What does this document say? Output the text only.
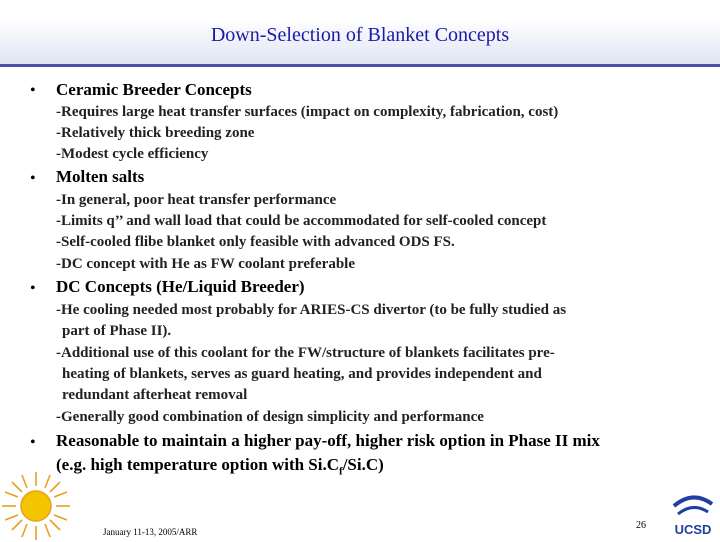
Down-Selection of Blanket Concepts
• Ceramic Breeder Concepts
-Requires large heat transfer surfaces (impact on complexity, fabrication, cost)
-Relatively thick breeding zone
-Modest cycle efficiency
• Molten salts
-In general, poor heat transfer performance
-Limits q’’ and wall load that could be accommodated for self-cooled concept
-Self-cooled flibe blanket only feasible with advanced ODS FS.
-DC concept with He as FW coolant preferable
• DC Concepts (He/Liquid Breeder)
-He cooling needed most probably for ARIES-CS divertor (to be fully studied as
part of Phase II).
-Additional use of this coolant for the FW/structure of blankets facilitates pre-
heating of blankets, serves as guard heating, and provides independent and
redundant afterheat removal
-Generally good combination of design simplicity and performance
• Reasonable to maintain a higher pay-off, higher risk option in Phase II mix
(e.g. high temperature option with $Si.C_f/Si.C$)
January 11-13, 2005/ARR
26 UCSD
